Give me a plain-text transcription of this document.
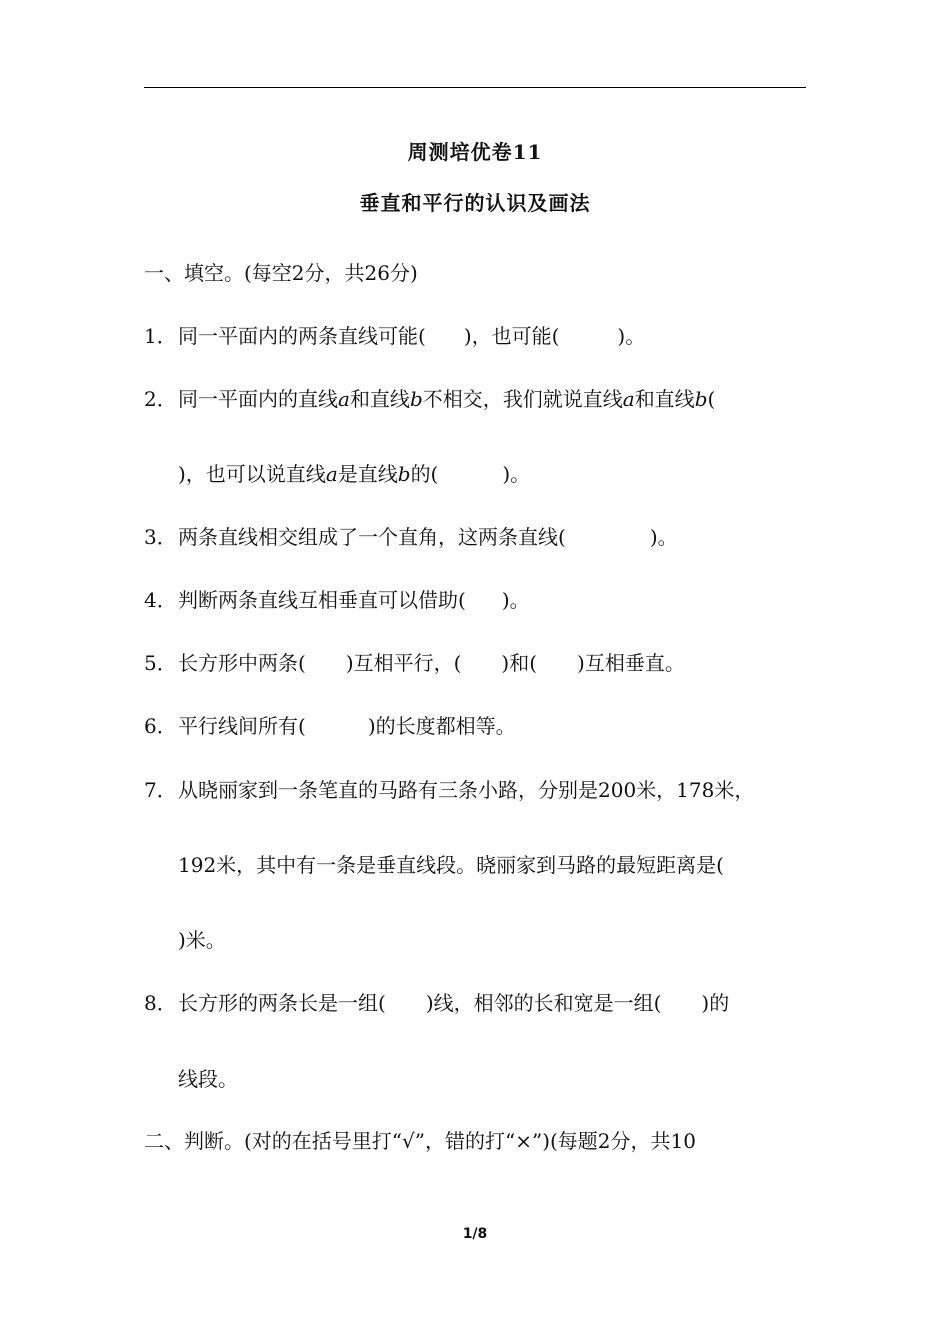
周测培优卷11
垂直和平行的认识及画法
一、填空。(每空2分，共26分)
1．同一平面内的两条直线可能( )，也可能(	)。
2．同一平面内的直线a和直线b不相交，我们就说直线a和直线b(
)，也可以说直线a是直线b的(	)。
3．两条直线相交组成了一个直角，这两条直线(	)。
4．判断两条直线互相垂直可以借助( )。
5．长方形中两条( )互相平行，( )和( )互相垂直。
6．平行线间所有(	)的长度都相等。
7．从晓丽家到一条笔直的马路有三条小路，分别是200米，178米，
192米，其中有一条是垂直线段。晓丽家到马路的最短距离是(
)米。
8．长方形的两条长是一组( )线，相邻的长和宽是一组( )的
线段。
二、判断。(对的在括号里打“√”，错的打“×”)(每题2分，共10
1/8
